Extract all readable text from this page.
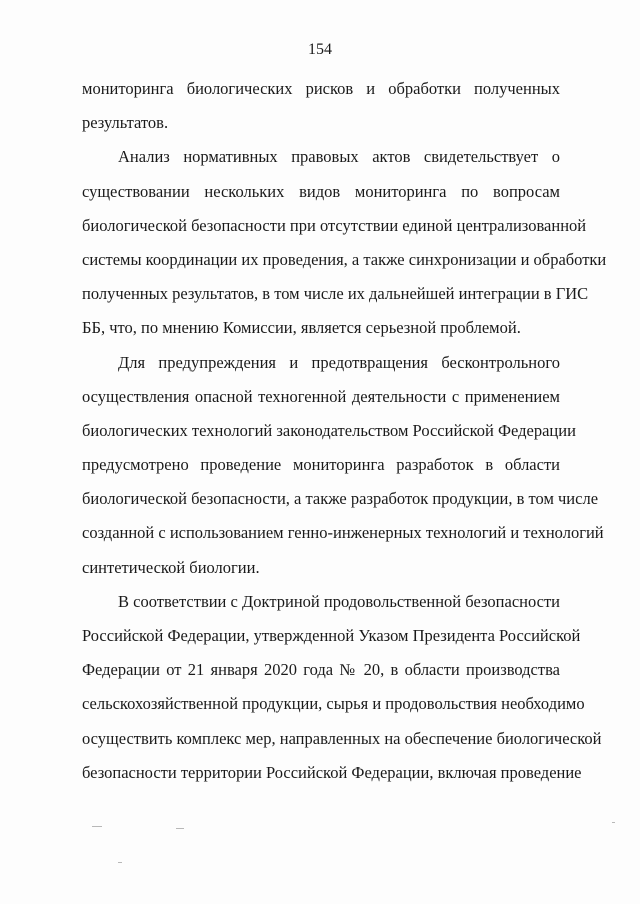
154
мониторинга биологических рисков и обработки полученных
результатов.
Анализ нормативных правовых актов свидетельствует о
существовании нескольких видов мониторинга по вопросам
биологической безопасности при отсутствии единой централизованной
системы координации их проведения, а также синхронизации и обработки
полученных результатов, в том числе их дальнейшей интеграции в ГИС
ББ, что, по мнению Комиссии, является серьезной проблемой.
Для предупреждения и предотвращения бесконтрольного
осуществления опасной техногенной деятельности с применением
биологических технологий законодательством Российской Федерации
предусмотрено проведение мониторинга разработок в области
биологической безопасности, а также разработок продукции, в том числе
созданной с использованием генно-инженерных технологий и технологий
синтетической биологии.
В соответствии с Доктриной продовольственной безопасности
Российской Федерации, утвержденной Указом Президента Российской
Федерации от 21 января 2020 года № 20, в области производства
сельскохозяйственной продукции, сырья и продовольствия необходимо
осуществить комплекс мер, направленных на обеспечение биологической
безопасности территории Российской Федерации, включая проведение
